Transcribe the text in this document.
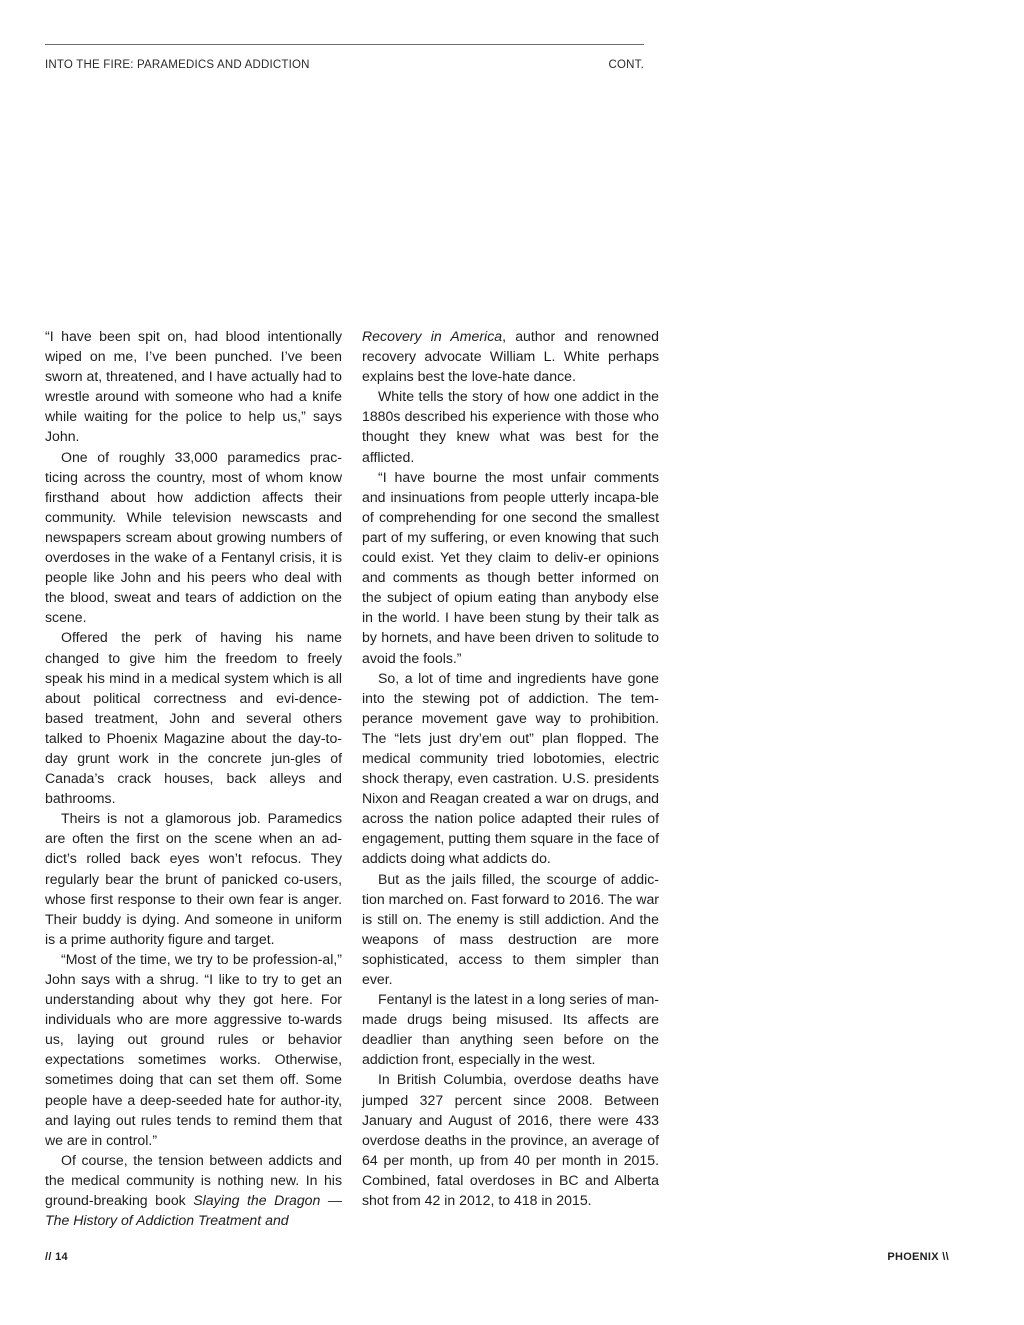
INTO THE FIRE: PARAMEDICS AND ADDICTION	CONT.

“I have been spit on, had blood intentionally wiped on me, I’ve been punched. I’ve been sworn at, threatened, and I have actually had to wrestle around with someone who had a knife while waiting for the police to help us,” says John.

One of roughly 33,000 paramedics prac-ticing across the country, most of whom know firsthand about how addiction affects their community. While television newscasts and newspapers scream about growing numbers of overdoses in the wake of a Fentanyl crisis, it is people like John and his peers who deal with the blood, sweat and tears of addiction on the scene.

Offered the perk of having his name changed to give him the freedom to freely speak his mind in a medical system which is all about political correctness and evi-dence-based treatment, John and several others talked to Phoenix Magazine about the day-to-day grunt work in the concrete jun-gles of Canada’s crack houses, back alleys and bathrooms.

Theirs is not a glamorous job. Paramedics are often the first on the scene when an ad-dict’s rolled back eyes won’t refocus. They regularly bear the brunt of panicked co-users, whose first response to their own fear is anger. Their buddy is dying. And someone in uniform is a prime authority figure and target.

“Most of the time, we try to be profession-al,” John says with a shrug. “I like to try to get an understanding about why they got here. For individuals who are more aggressive to-wards us, laying out ground rules or behavior expectations sometimes works. Otherwise, sometimes doing that can set them off. Some people have a deep-seeded hate for author-ity, and laying out rules tends to remind them that we are in control.”

Of course, the tension between addicts and the medical community is nothing new. In his ground-breaking book Slaying the Dragon — The History of Addiction Treatment and

Recovery in America, author and renowned recovery advocate William L. White perhaps explains best the love-hate dance.

White tells the story of how one addict in the 1880s described his experience with those who thought they knew what was best for the afflicted.

“I have bourne the most unfair comments and insinuations from people utterly incapa-ble of comprehending for one second the smallest part of my suffering, or even knowing that such could exist. Yet they claim to deliv-er opinions and comments as though better informed on the subject of opium eating than anybody else in the world. I have been stung by their talk as by hornets, and have been driven to solitude to avoid the fools.”

So, a lot of time and ingredients have gone into the stewing pot of addiction. The tem-perance movement gave way to prohibition. The “lets just dry’em out” plan flopped. The medical community tried lobotomies, electric shock therapy, even castration. U.S. presidents Nixon and Reagan created a war on drugs, and across the nation police adapted their rules of engagement, putting them square in the face of addicts doing what addicts do.

But as the jails filled, the scourge of addic-tion marched on. Fast forward to 2016. The war is still on. The enemy is still addiction. And the weapons of mass destruction are more sophisticated, access to them simpler than ever.

Fentanyl is the latest in a long series of man-made drugs being misused. Its affects are deadlier than anything seen before on the addiction front, especially in the west.

In British Columbia, overdose deaths have jumped 327 percent since 2008. Between January and August of 2016, there were 433 overdose deaths in the province, an average of 64 per month, up from 40 per month in 2015. Combined, fatal overdoses in BC and Alberta shot from 42 in 2012, to 418 in 2015.

// 14	PHOENIX \\
